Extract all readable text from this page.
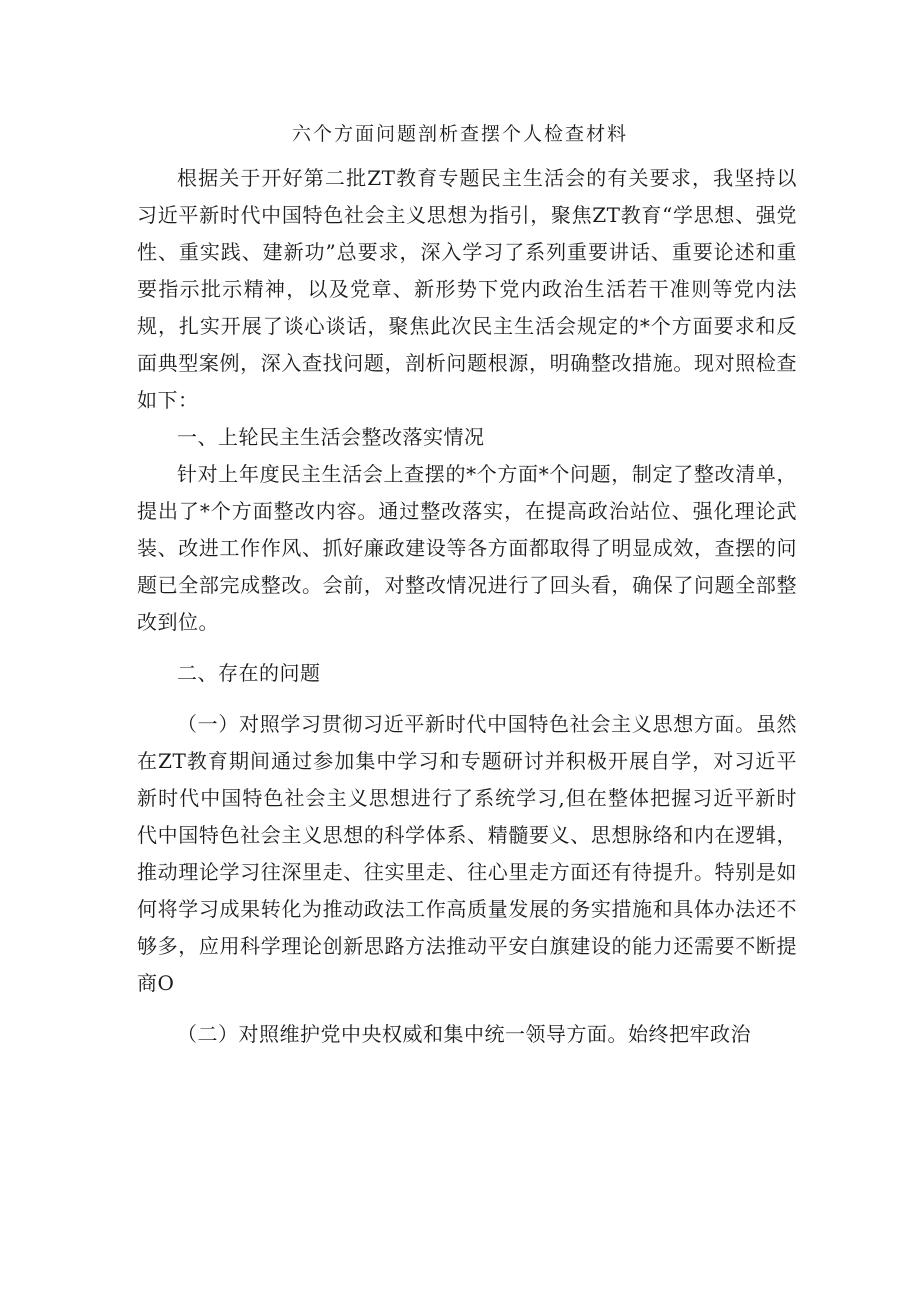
六个方面问题剖析查摆个人检查材料

根据关于开好第二批ZT教育专题民主生活会的有关要求，我坚持以习近平新时代中国特色社会主义思想为指引，聚焦ZT教育“学思想、强党性、重实践、建新功”总要求，深入学习了系列重要讲话、重要论述和重要指示批示精神，以及党章、新形势下党内政治生活若干准则等党内法规，扎实开展了谈心谈话，聚焦此次民主生活会规定的*个方面要求和反面典型案例，深入查找问题，剖析问题根源，明确整改措施。现对照检查如下：

一、上轮民主生活会整改落实情况

针对上年度民主生活会上查摆的*个方面*个问题，制定了整改清单，提出了*个方面整改内容。通过整改落实，在提高政治站位、强化理论武装、改进工作作风、抓好廉政建设等各方面都取得了明显成效，查摆的问题已全部完成整改。会前，对整改情况进行了回头看，确保了问题全部整改到位。

二、存在的问题

（一）对照学习贯彻习近平新时代中国特色社会主义思想方面。虽然在ZT教育期间通过参加集中学习和专题研讨并积极开展自学，对习近平新时代中国特色社会主义思想进行了系统学习,但在整体把握习近平新时代中国特色社会主义思想的科学体系、精髓要义、思想脉络和内在逻辑，推动理论学习往深里走、往实里走、往心里走方面还有待提升。特别是如何将学习成果转化为推动政法工作高质量发展的务实措施和具体办法还不够多，应用科学理论创新思路方法推动平安白旗建设的能力还需要不断提商O

（二）对照维护党中央权威和集中统一领导方面。始终把牢政治
